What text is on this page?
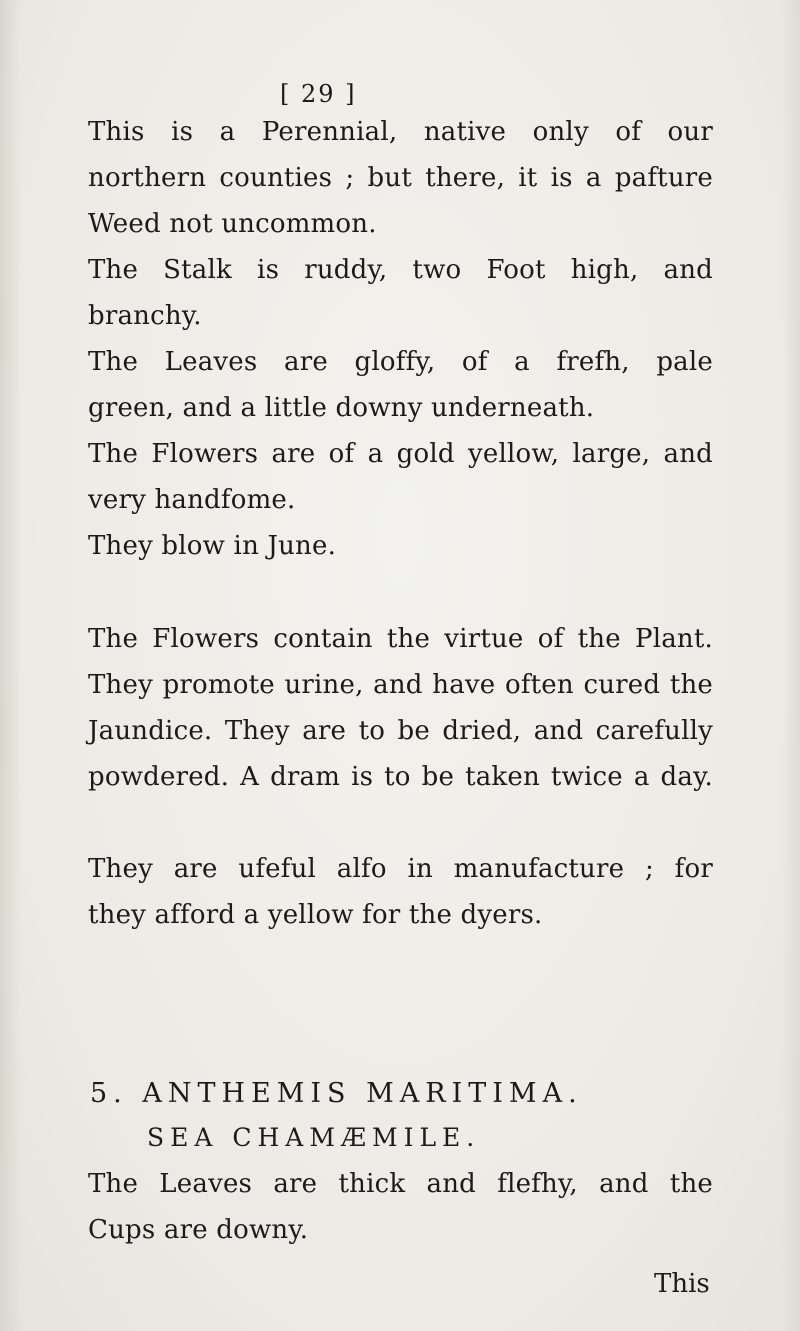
[ 29 ]
This is a Perennial, native only of our
northern counties ; but there, it is a pafture
Weed not uncommon.
The Stalk is ruddy, two Foot high, and
branchy.
The Leaves are gloffy, of a frefh, pale
green, and a little downy underneath.
The Flowers arе of a gold yellow, large, and
very handfome.
They blow in June.
The Flowers contain the virtue of the Plant.
They promote urine, and have often cured the
Jaundice. They are to be dried, and carefully
powdered. A dram is to be taken twice a day.
They are ufeful alfo in manufacture ; for
they afford a yellow for the dyers.
5. ANTHEMIS MARITIMA.
SEA CHAMÆMILE.
The Leaves are thick and flefhy, and the
Cups are downy.
This
